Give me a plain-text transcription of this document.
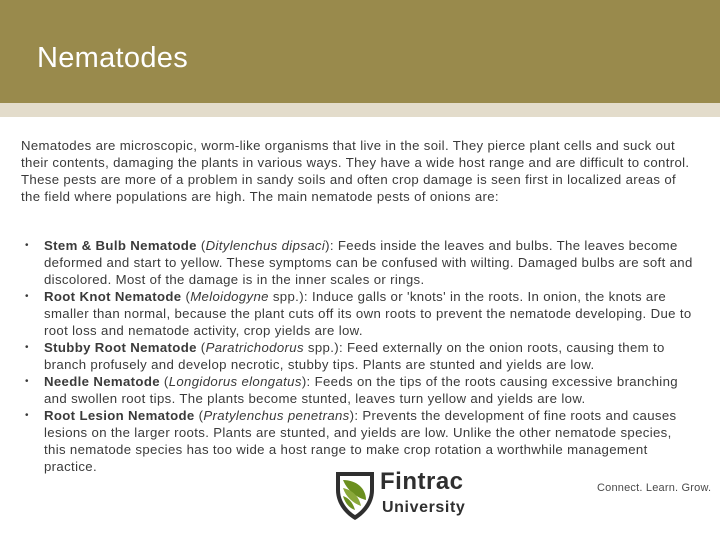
Nematodes

Nematodes are microscopic, worm-like organisms that live in the soil. They pierce plant cells and suck out their contents, damaging the plants in various ways. They have a wide host range and are difficult to control. These pests are more of a problem in sandy soils and often crop damage is seen first in localized areas of the field where populations are high. The main nematode pests of onions are:

• Stem & Bulb Nematode (Ditylenchus dipsaci): Feeds inside the leaves and bulbs. The leaves become deformed and start to yellow. These symptoms can be confused with wilting. Damaged bulbs are soft and discolored. Most of the damage is in the inner scales or rings.
• Root Knot Nematode (Meloidogyne spp.): Induce galls or 'knots' in the roots. In onion, the knots are smaller than normal, because the plant cuts off its own roots to prevent the nematode developing. Due to root loss and nematode activity, crop yields are low.
• Stubby Root Nematode (Paratrichodorus spp.): Feed externally on the onion roots, causing them to branch profusely and develop necrotic, stubby tips. Plants are stunted and yields are low.
• Needle Nematode (Longidorus elongatus): Feeds on the tips of the roots causing excessive branching and swollen root tips. The plants become stunted, leaves turn yellow and yields are low.
• Root Lesion Nematode (Pratylenchus penetrans): Prevents the development of fine roots and causes lesions on the larger roots. Plants are stunted, and yields are low. Unlike the other nematode species, this nematode species has too wide a host range to make crop rotation a worthwhile management practice.
Fintrac
University
Connect. Learn. Grow.
